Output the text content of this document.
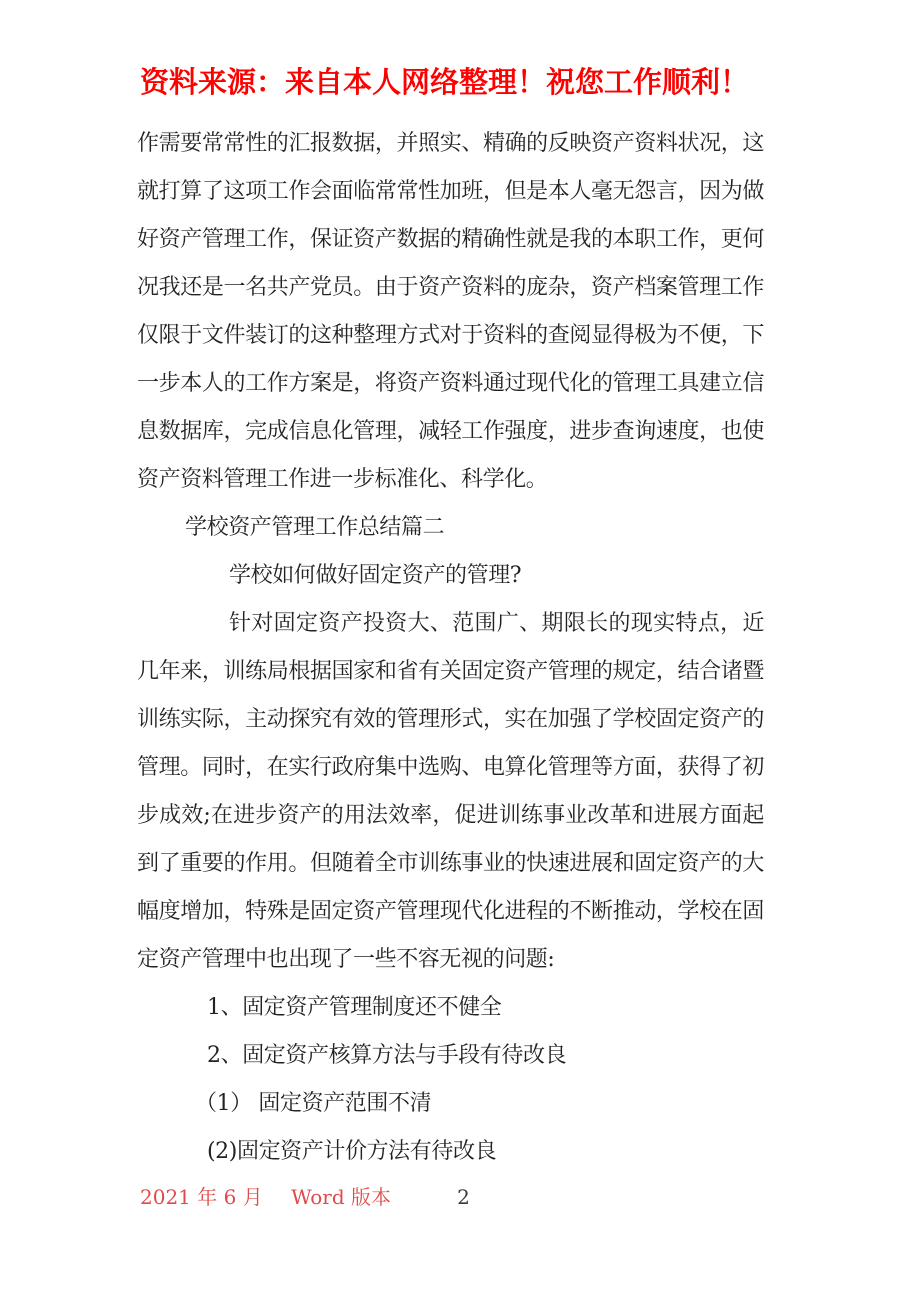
资料来源：来自本人网络整理！祝您工作顺利！

作需要常常性的汇报数据，并照实、精确的反映资产资料状况，这就打算了这项工作会面临常常性加班，但是本人毫无怨言，因为做好资产管理工作，保证资产数据的精确性就是我的本职工作，更何况我还是一名共产党员。由于资产资料的庞杂，资产档案管理工作仅限于文件装订的这种整理方式对于资料的查阅显得极为不便，下一步本人的工作方案是，将资产资料通过现代化的管理工具建立信息数据库，完成信息化管理，减轻工作强度，进步查询速度，也使资产资料管理工作进一步标准化、科学化。

学校资产管理工作总结篇二

学校如何做好固定资产的管理?

针对固定资产投资大、范围广、期限长的现实特点，近几年来，训练局根据国家和省有关固定资产管理的规定，结合诸暨训练实际，主动探究有效的管理形式，实在加强了学校固定资产的管理。同时，在实行政府集中选购、电算化管理等方面，获得了初步成效;在进步资产的用法效率，促进训练事业改革和进展方面起到了重要的作用。但随着全市训练事业的快速进展和固定资产的大幅度增加，特殊是固定资产管理现代化进程的不断推动，学校在固定资产管理中也出现了一些不容无视的问题:

1、固定资产管理制度还不健全

2、固定资产核算方法与手段有待改良

（1） 固定资产范围不清

(2)固定资产计价方法有待改良

2021 年 6 月 Word 版本	2
